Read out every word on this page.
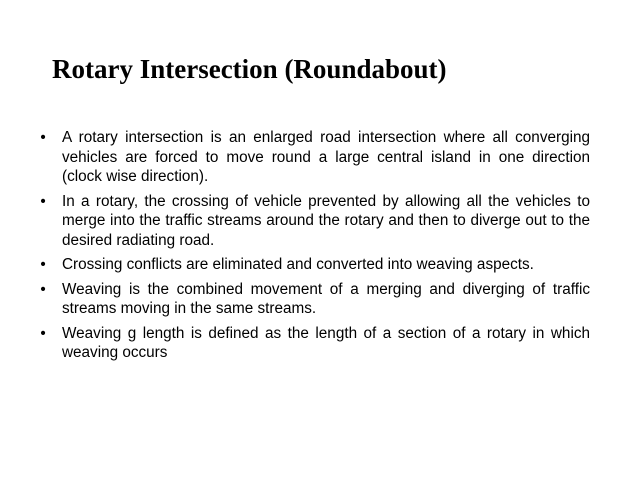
Rotary Intersection (Roundabout)
•	A rotary intersection is an enlarged road intersection where all converging vehicles are forced to move round a large central island in one direction (clock wise direction).
•	In a rotary, the crossing of vehicle prevented by allowing all the vehicles to merge into the traffic streams around the rotary and then to diverge out to the desired radiating road.
•	Crossing conflicts are eliminated and converted into weaving aspects.
•	Weaving is the combined movement of a merging and diverging of traffic streams moving in the same streams.
•	Weaving g length is defined as the length of a section of a rotary in which weaving occurs
